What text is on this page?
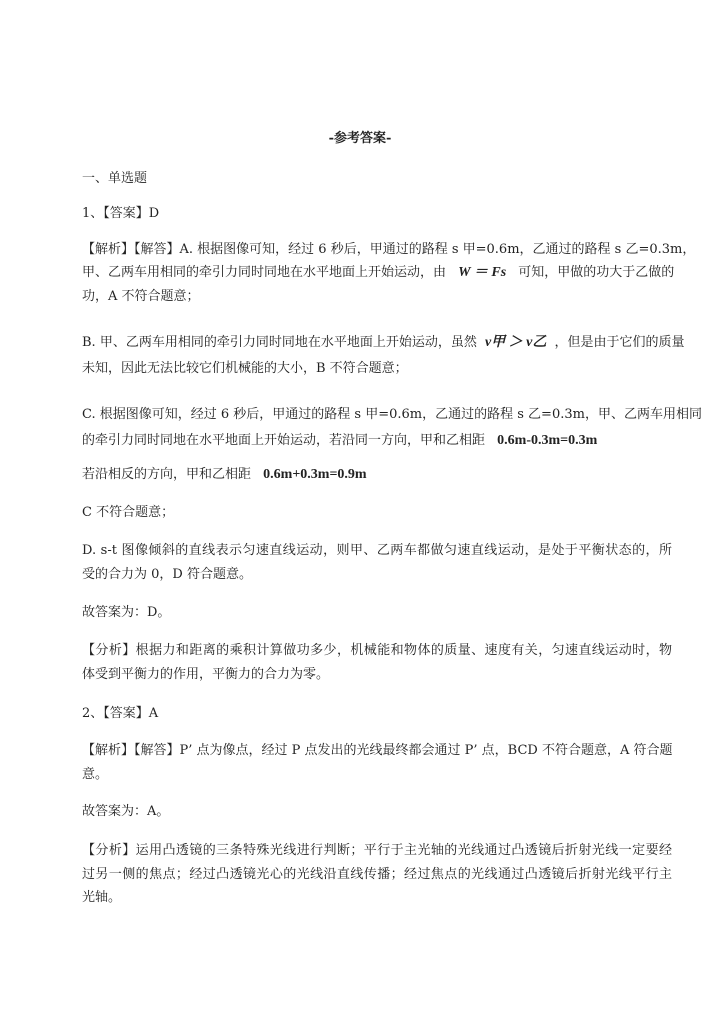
-参考答案-
一、单选题
1、【答案】D
【解析】【解答】A. 根据图像可知，经过 6 秒后，甲通过的路程 s 甲=0.6m，乙通过的路程 s 乙=0.3m，
甲、乙两车用相同的牵引力同时同地在水平地面上开始运动，由 W ＝ Fs 可知，甲做的功大于乙做的
功，A 不符合题意；
B. 甲、乙两车用相同的牵引力同时同地在水平地面上开始运动，虽然 v甲 ＞ v乙 ，但是由于它们的质量
未知，因此无法比较它们机械能的大小，B 不符合题意；
C. 根据图像可知，经过 6 秒后，甲通过的路程 s 甲=0.6m，乙通过的路程 s 乙=0.3m，甲、乙两车用相同
的牵引力同时同地在水平地面上开始运动，若沿同一方向，甲和乙相距 0.6m-0.3m=0.3m
若沿相反的方向，甲和乙相距 0.6m+0.3m=0.9m
C 不符合题意；
D. s-t 图像倾斜的直线表示匀速直线运动，则甲、乙两车都做匀速直线运动，是处于平衡状态的，所
受的合力为 0，D 符合题意。
故答案为：D。
【分析】根据力和距离的乘积计算做功多少，机械能和物体的质量、速度有关，匀速直线运动时，物
体受到平衡力的作用，平衡力的合力为零。
2、【答案】A
【解析】【解答】P’ 点为像点，经过 P 点发出的光线最终都会通过 P’ 点，BCD 不符合题意，A 符合题
意。
故答案为：A。
【分析】运用凸透镜的三条特殊光线进行判断；平行于主光轴的光线通过凸透镜后折射光线一定要经
过另一侧的焦点；经过凸透镜光心的光线沿直线传播；经过焦点的光线通过凸透镜后折射光线平行主
光轴。
